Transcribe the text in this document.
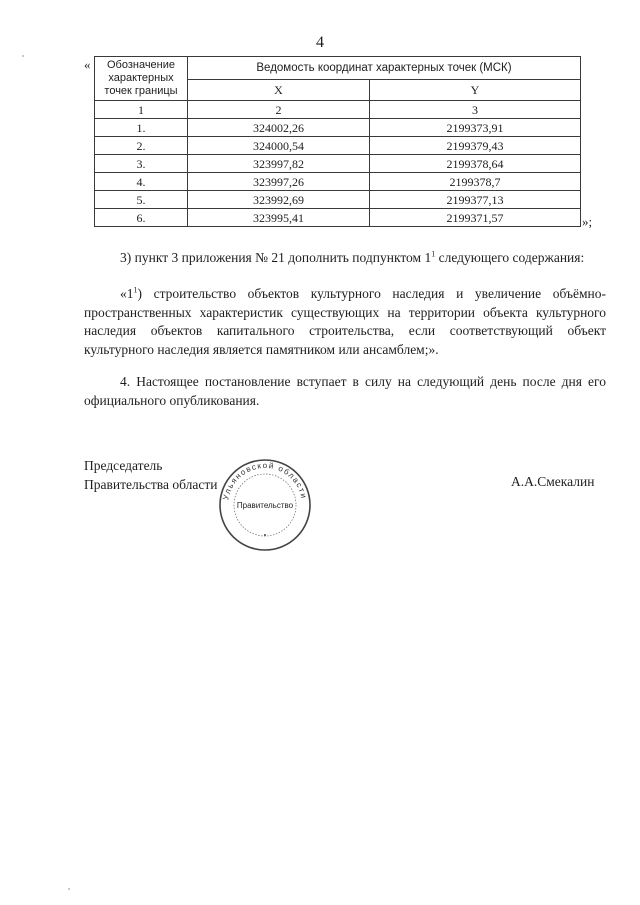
4
« Обозначение характерных точек границы	Ведомость координат характерных точек (МСК)	
	X	Y
1	2	3
1.	324002,26	2199373,91
2.	324000,54	2199379,43
3.	323997,82	2199378,64
4.	323997,26	2199378,7
5.	323992,69	2199377,13
6.	323995,41	2199371,57	»;

3) пункт 3 приложения № 21 дополнить подпунктом $1^1$ следующего содержания:

«$1^1$) строительство объектов культурного наследия и увеличение объёмно-пространственных характеристик существующих на территории объекта культурного наследия объектов капитального строительства, если соответствующий объект культурного наследия является памятником или ансамблем;».

4. Настоящее постановление вступает в силу на следующий день после дня его официального опубликования.

Председатель
Правительства области
Ульяновской области
Правительство
А.А.Смекалин
